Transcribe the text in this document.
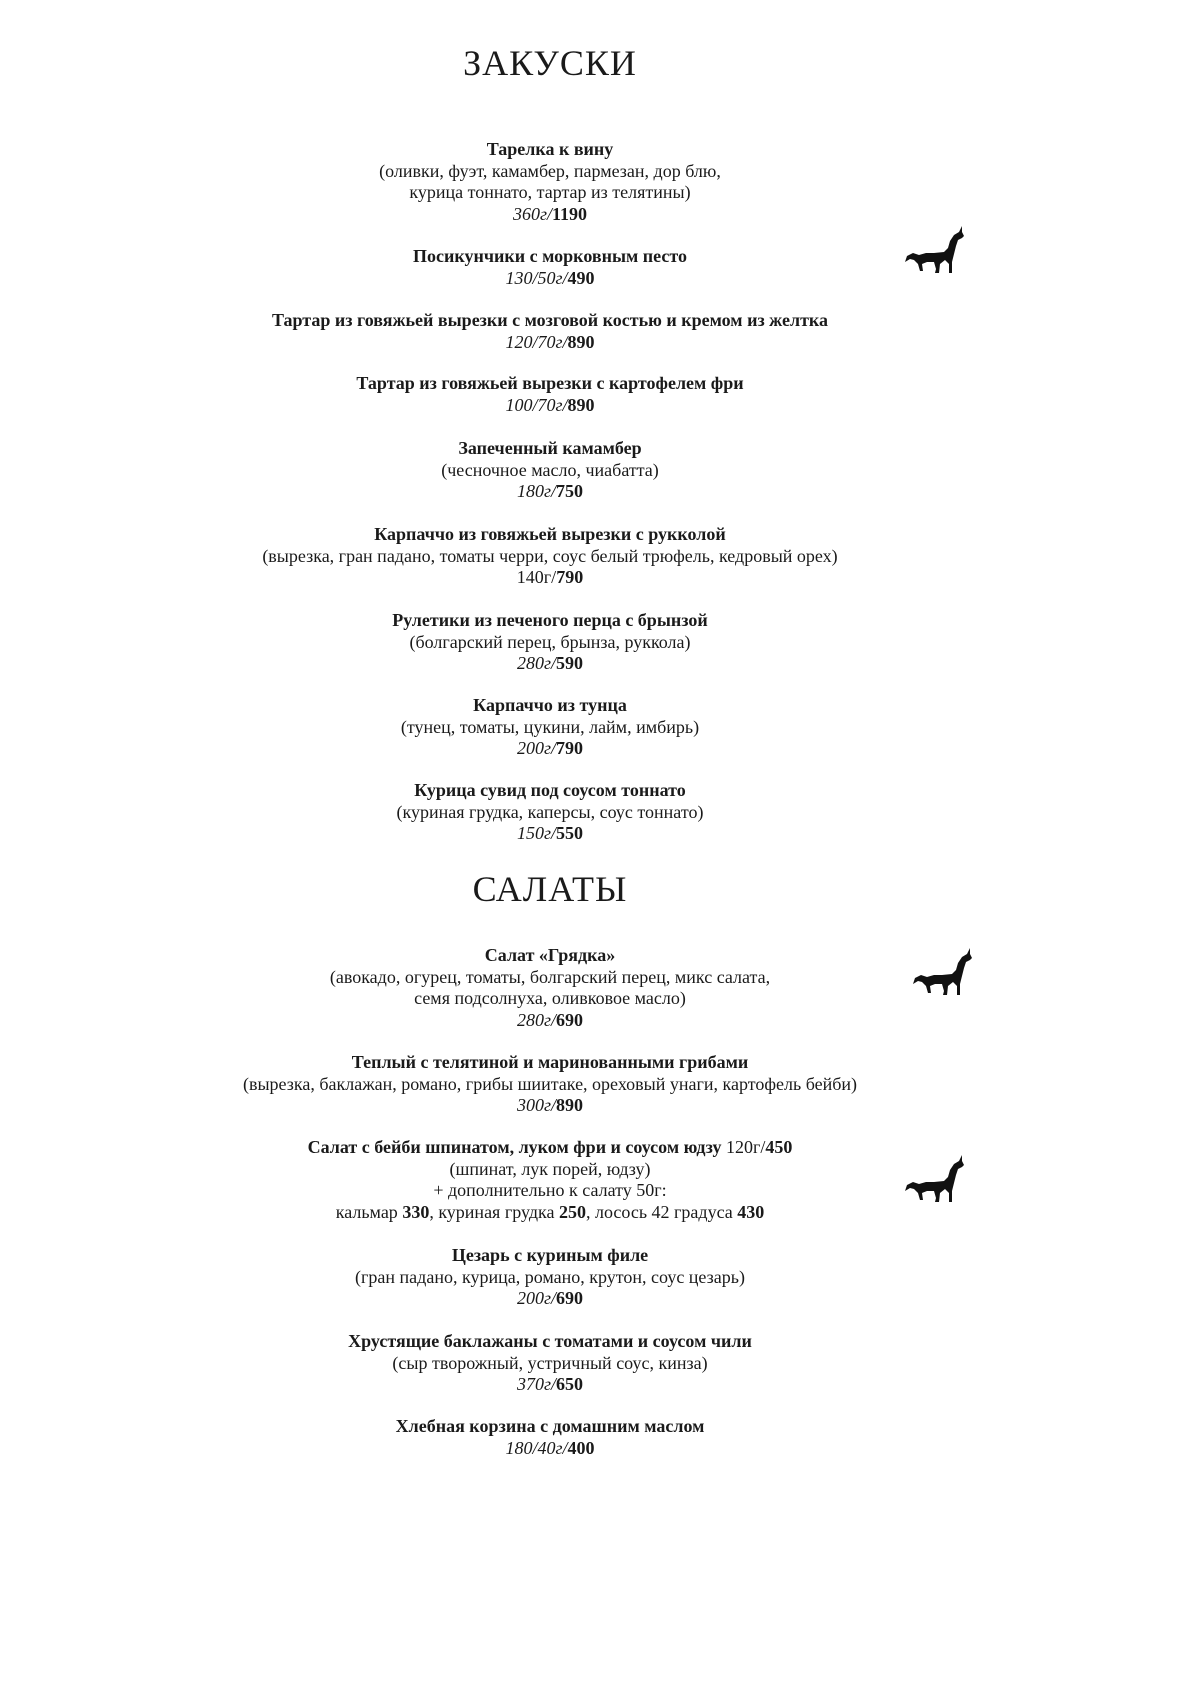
ЗАКУСКИ
Тарелка к вину
(оливки, фуэт, камамбер, пармезан, дор блю,
курица тоннато, тартар из телятины)
360г/1190
Посикунчики с морковным песто
130/50г/490
Тартар из говяжьей вырезки с мозговой костью и кремом из желтка
120/70г/890
Тартар из говяжьей вырезки с картофелем фри
100/70г/890
Запеченный камамбер
(чесночное масло, чиабатта)
180г/750
Карпаччо из говяжьей вырезки с рукколой
(вырезка, гран падано, томаты черри, соус белый трюфель, кедровый орех)
140г/790
Рулетики из печеного перца с брынзой
(болгарский перец, брынза, руккола)
280г/590
Карпаччо из тунца
(тунец, томаты, цукини, лайм, имбирь)
200г/790
Курица сувид под соусом тоннато
(куриная грудка, каперсы, соус тоннато)
150г/550
САЛАТЫ
Салат «Грядка»
(авокадо, огурец, томаты, болгарский перец, микс салата,
семя подсолнуха, оливковое масло)
280г/690
Теплый с телятиной и маринованными грибами
(вырезка, баклажан, романо, грибы шиитаке, ореховый унаги, картофель бейби)
300г/890
Салат с бейби шпинатом, луком фри и соусом юдзу 120г/450
(шпинат, лук порей, юдзу)
+ дополнительно к салату 50г:
кальмар 330, куриная грудка 250, лосось 42 градуса 430
Цезарь с куриным филе
(гран падано, курица, романо, крутон, соус цезарь)
200г/690
Хрустящие баклажаны с томатами и соусом чили
(сыр творожный, устричный соус, кинза)
370г/650
Хлебная корзина с домашним маслом
180/40г/400
